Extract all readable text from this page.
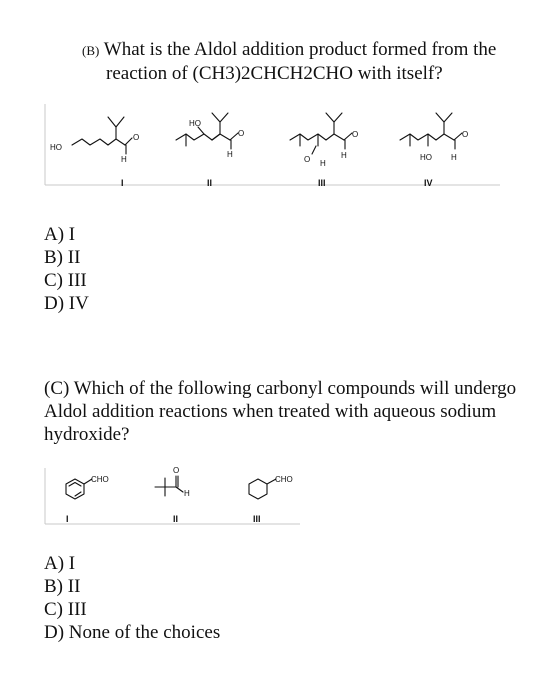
(B) What is the Aldol addition product formed from the
reaction of (CH3)2CHCH2CHO with itself?
HO
H
O
I
HO
H
O
II
O H
H
O
III
HO H
O
IV
A) I
B) II
C) III
D) IV
(C) Which of the following carbonyl compounds will undergo
Aldol addition reactions when treated with aqueous sodium
hydroxide?
CHO
I
O
H
II
CHO
III
A) I
B) II
C) III
D) None of the choices
